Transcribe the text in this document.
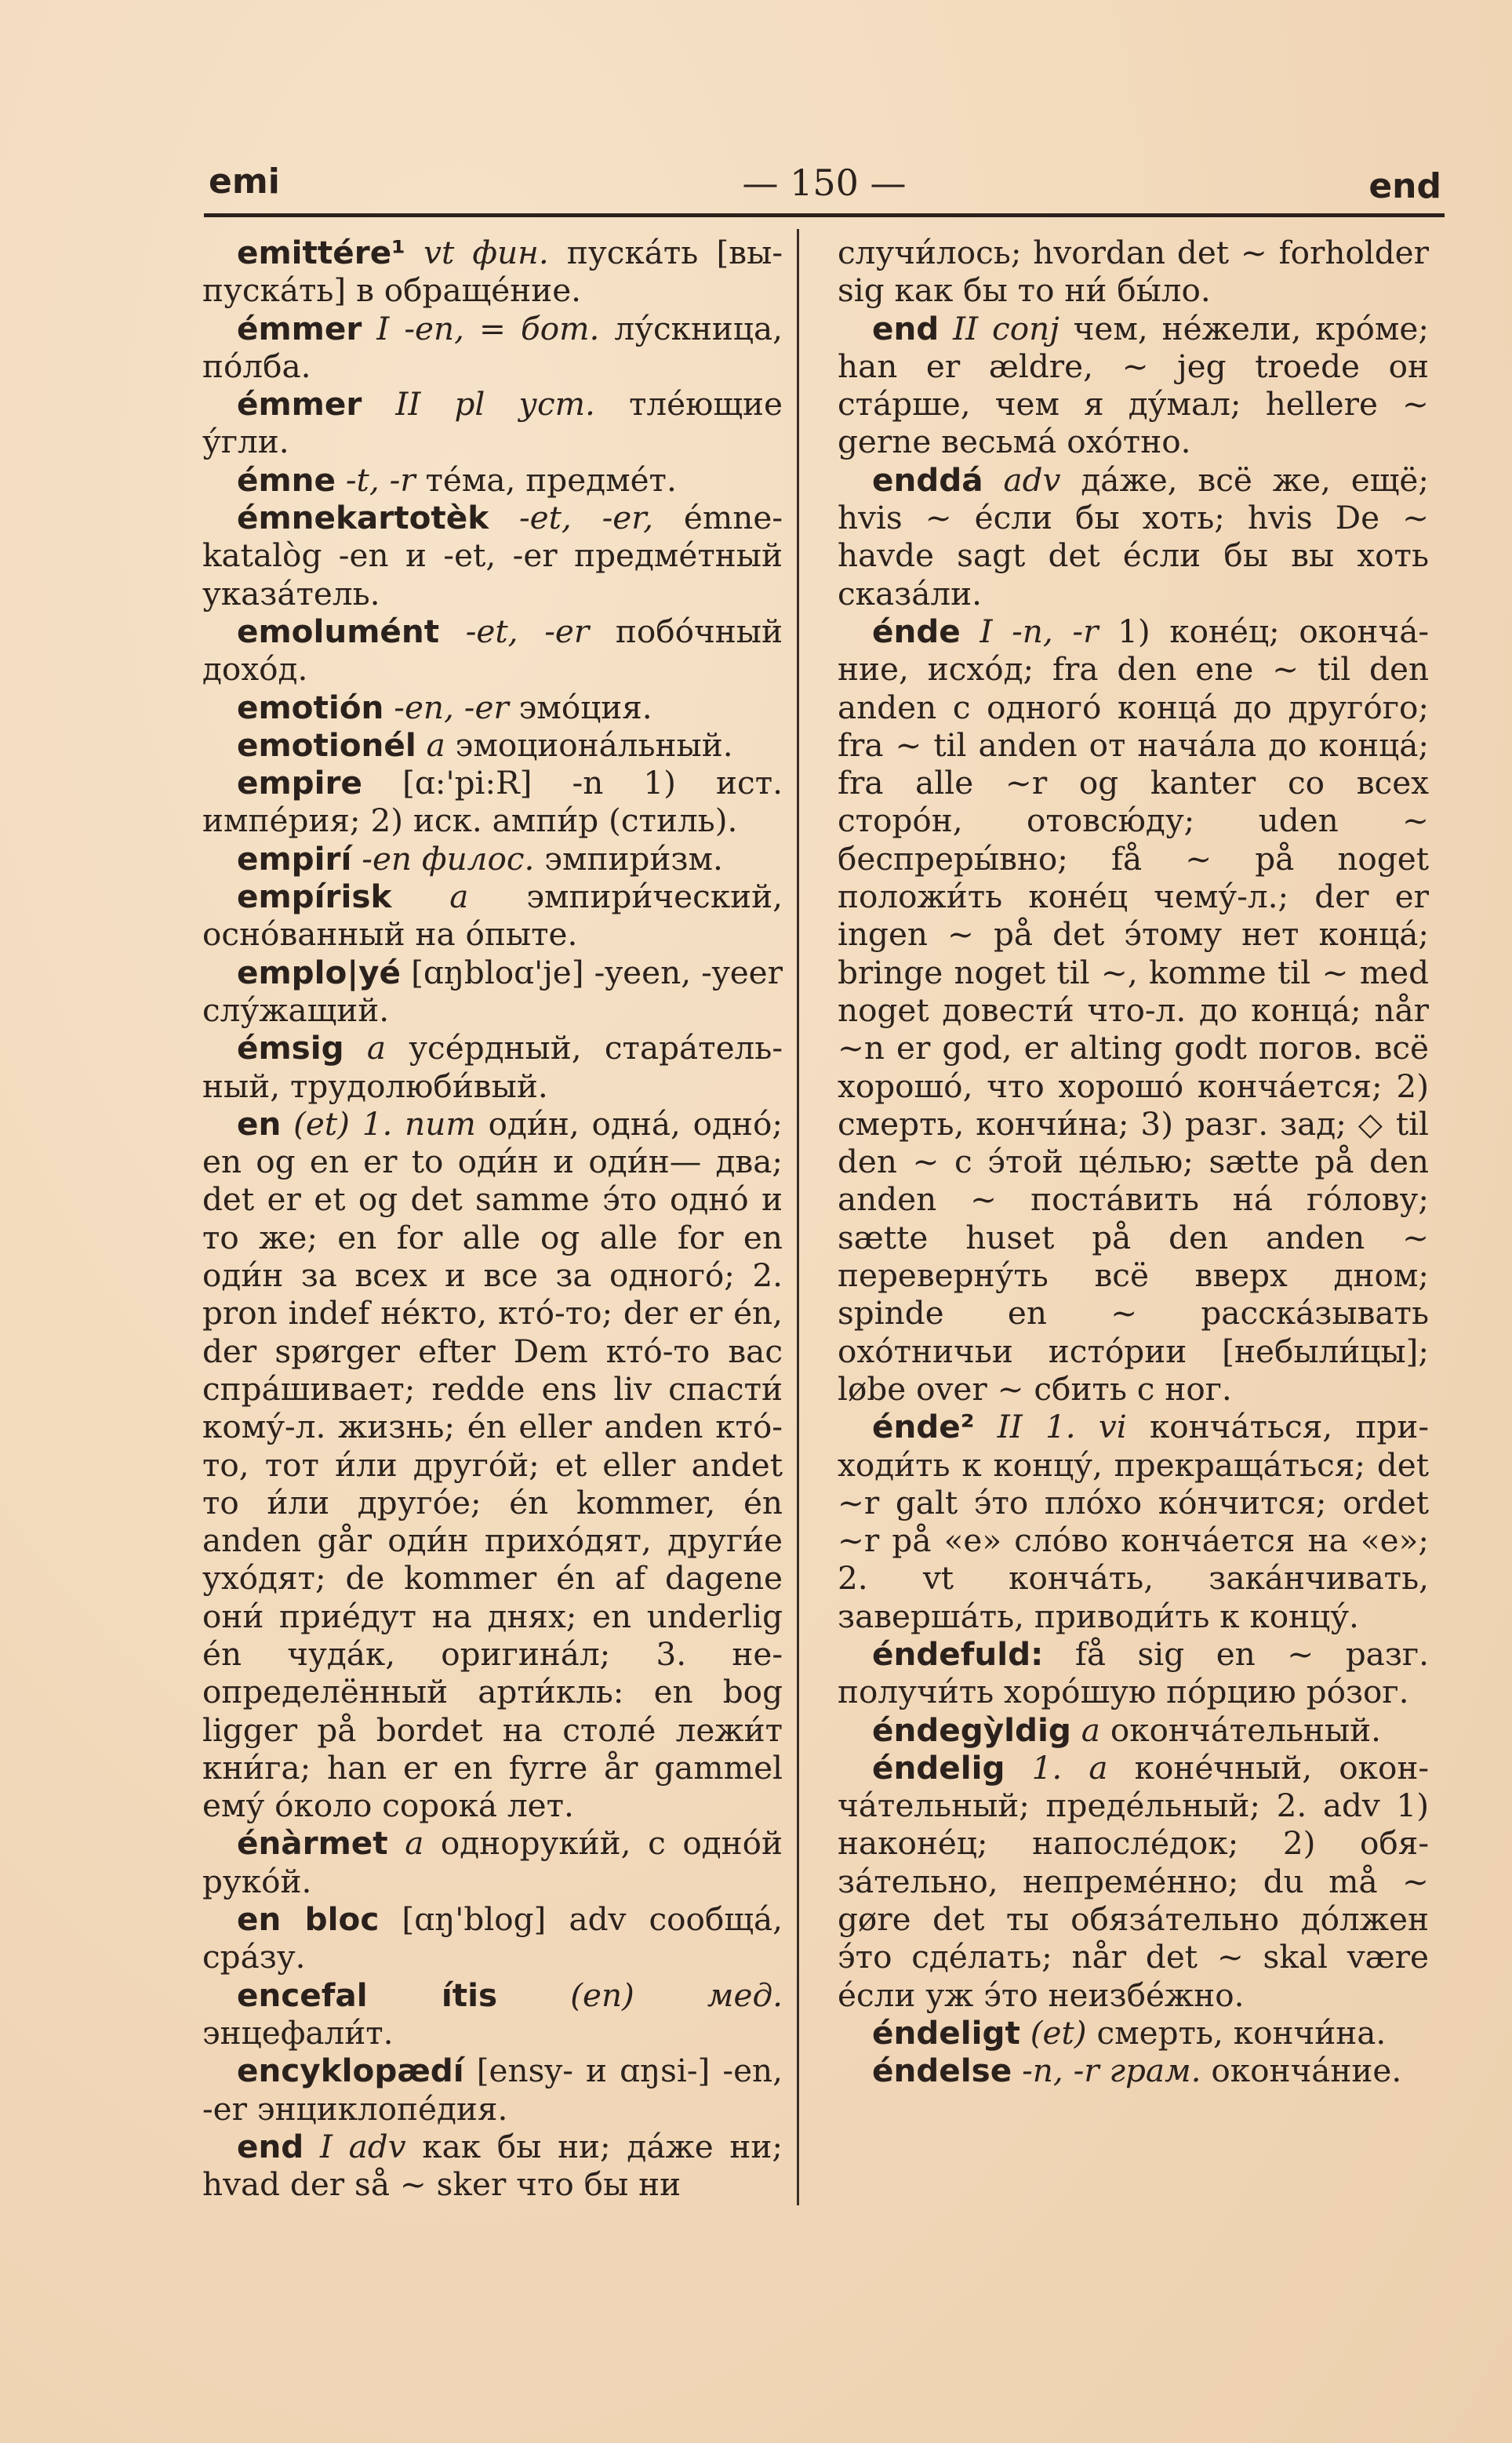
emi	— 150 —	end

emittére¹ vt фин. пуска́ть [выпуска́ть] в обраще́ние.

émmer I -en, = бот. лу́скница, по́лба.

émmer II pl уст. тле́ющие у́гли.

émne -t, -r те́ма, предме́т.

émnekartotèk -et, -er, émnekatalòg -en и -et, -er предме́тный указа́тель.

emolumént -et, -er побо́чный дохо́д.

emotión -en, -er эмо́ция.

emotionél a эмоциона́льный.

empire [ɑ:'pi:R] -n 1) ист. импе́рия; 2) иск. ампи́р (стиль).

empirí -en филос. эмпири́зм.

empírisk a эмпири́ческий, осно́ванный на о́пыте.

emplo|yé [ɑŋbloɑ'je] -yeen, -yeer слу́жащий.

émsig a усе́рдный, стара́тельный, трудолюби́вый.

en (et) 1. num оди́н, одна́, одно́; en og en er to оди́н и оди́н— два; det er et og det samme э́то одно́ и то же; en for alle og alle for en оди́н за всех и все за одного́; 2. pron indef не́кто, кто́-то; der er én, der spørger efter Dem кто́-то вас спра́шивает; redde ens liv спасти́ кому́-л. жизнь; én eller anden кто́-то, тот и́ли друго́й; et eller andet то и́ли друго́е; én kommer, én anden går оди́н прихо́дят, други́е ухо́дят; de kommer én af dagene они́ прие́дут на днях; en underlig én чуда́к, оригина́л; 3. неопределённый арти́кль: en bog ligger på bordet на столе́ лежи́т кни́га; han er en fyrre år gammel ему́ о́коло сорока́ лет.

énàrmet a одноруки́й, с одно́й руко́й.

en bloc [ɑŋ'blog] adv сообща́, сра́зу.

encefal ítis (en) мед. энцефали́т.

encyklopædí [ensy- и ɑŋsi-] -en, -er энциклопе́дия.

end I adv как бы ни; да́же ни; hvad der så ~ sker что бы ни

случи́лось; hvordan det ~ forholder sig как бы то ни́ бы́ло.

end II conj чем, не́жели, кро́ме; han er ældre, ~ jeg troede он ста́рше, чем я ду́мал; hellere ~ gerne весьма́ охо́тно.

enddá adv да́же, всё же, ещё; hvis ~ е́сли бы хоть; hvis De ~ havde sagt det е́сли бы вы хоть сказа́ли.

énde I -n, -r 1) коне́ц; оконча́ние, исхо́д; fra den ene ~ til den anden с одного́ конца́ до друго́го; fra ~ til anden от нача́ла до конца́; fra alle ~r og kanter со всех сторо́н, отовсю́ду; uden ~ беспреры́вно; få ~ på noget положи́ть коне́ц чему́-л.; der er ingen ~ på det э́тому нет конца́; bringe noget til ~, komme til ~ med noget довести́ что-л. до конца́; når ~n er god, er alting godt погов. всё хорошо́, что хорошо́ конча́ется; 2) смерть, кончи́на; 3) разг. зад; ◇ til den ~ с э́той це́лью; sætte på den anden ~ поста́вить на́ го́лову; sætte huset på den anden ~ переверну́ть всё вверх дном; spinde en ~ расска́зывать охо́тничьи исто́рии [небыли́цы]; løbe over ~ сбить с ног.

énde² II 1. vi конча́ться, приходи́ть к концу́, прекраща́ться; det ~r galt э́то пло́хо ко́нчится; ordet ~r på «e» сло́во конча́ется на «е»; 2. vt конча́ть, зака́нчивать, заверша́ть, приводи́ть к концу́.

éndefuld: få sig en ~ разг. получи́ть хоро́шую по́рцию ро́зог.

éndegỳldig a оконча́тельный.

éndelig 1. a коне́чный, оконча́тельный; преде́льный; 2. adv 1) наконе́ц; напосле́док; 2) обяза́тельно, непреме́нно; du må ~ gøre det ты обяза́тельно до́лжен э́то сде́лать; når det ~ skal være е́сли уж э́то неизбе́жно.

éndeligt (et) смерть, кончи́на.

éndelse -n, -r грам. оконча́ние.
